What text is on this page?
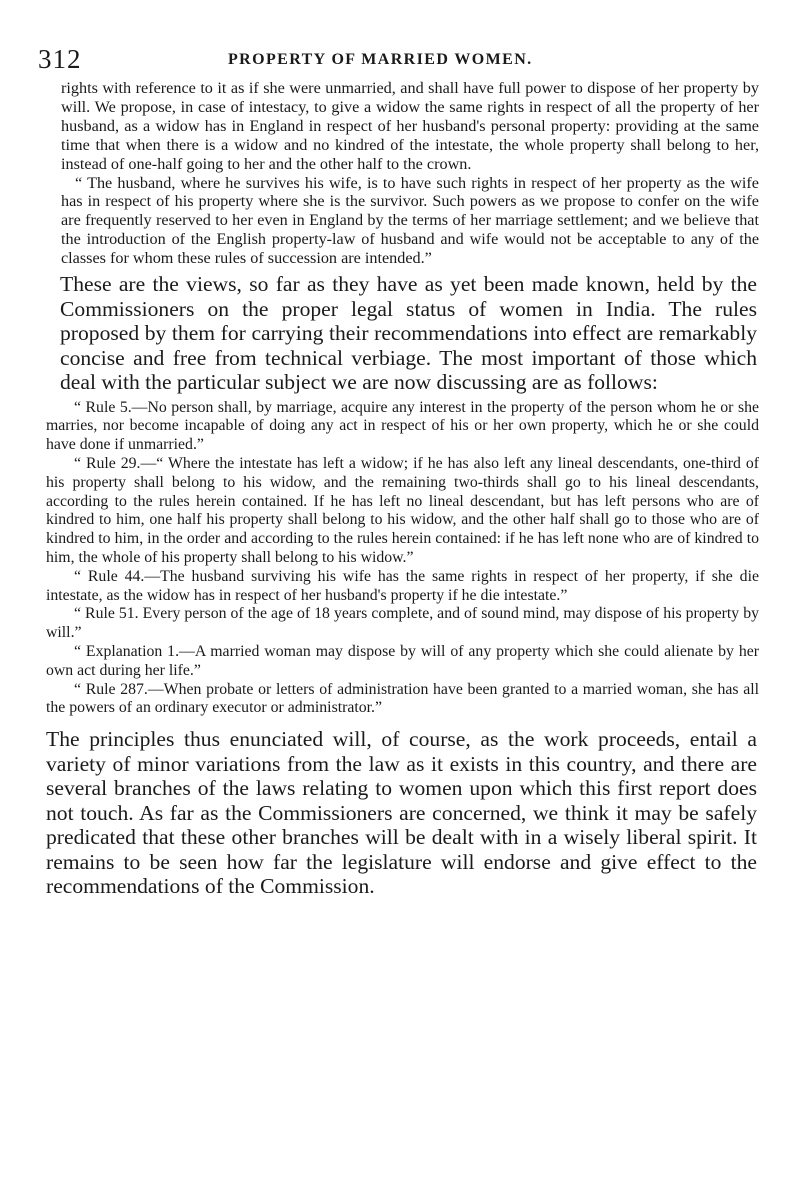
312	PROPERTY OF MARRIED WOMEN.

rights with reference to it as if she were unmarried, and shall have full power to dispose of her property by will. We propose, in case of intestacy, to give a widow the same rights in respect of all the property of her husband, as a widow has in England in respect of her husband's personal property: providing at the same time that when there is a widow and no kindred of the intestate, the whole property shall belong to her, instead of one-half going to her and the other half to the crown.

“ The husband, where he survives his wife, is to have such rights in respect of her property as the wife has in respect of his property where she is the survivor. Such powers as we propose to confer on the wife are frequently reserved to her even in England by the terms of her marriage settlement; and we believe that the introduction of the English property-law of husband and wife would not be acceptable to any of the classes for whom these rules of succession are intended.”

These are the views, so far as they have as yet been made known, held by the Commissioners on the proper legal status of women in India. The rules proposed by them for carrying their recommendations into effect are remarkably concise and free from technical verbiage. The most important of those which deal with the particular subject we are now discussing are as follows:

“ Rule 5.—No person shall, by marriage, acquire any interest in the property of the person whom he or she marries, nor become incapable of doing any act in respect of his or her own property, which he or she could have done if unmarried.”

“ Rule 29.—“ Where the intestate has left a widow; if he has also left any lineal descendants, one-third of his property shall belong to his widow, and the remaining two-thirds shall go to his lineal descendants, according to the rules herein contained. If he has left no lineal descendant, but has left persons who are of kindred to him, one half his property shall belong to his widow, and the other half shall go to those who are of kindred to him, in the order and according to the rules herein contained: if he has left none who are of kindred to him, the whole of his property shall belong to his widow.”

“ Rule 44.—The husband surviving his wife has the same rights in respect of her property, if she die intestate, as the widow has in respect of her husband's property if he die intestate.”

“ Rule 51. Every person of the age of 18 years complete, and of sound mind, may dispose of his property by will.”

“ Explanation 1.—A married woman may dispose by will of any property which she could alienate by her own act during her life.”

“ Rule 287.—When probate or letters of administration have been granted to a married woman, she has all the powers of an ordinary executor or administrator.”

The principles thus enunciated will, of course, as the work proceeds, entail a variety of minor variations from the law as it exists in this country, and there are several branches of the laws relating to women upon which this first report does not touch. As far as the Commissioners are concerned, we think it may be safely predicated that these other branches will be dealt with in a wisely liberal spirit. It remains to be seen how far the legislature will endorse and give effect to the recommendations of the Commission.
